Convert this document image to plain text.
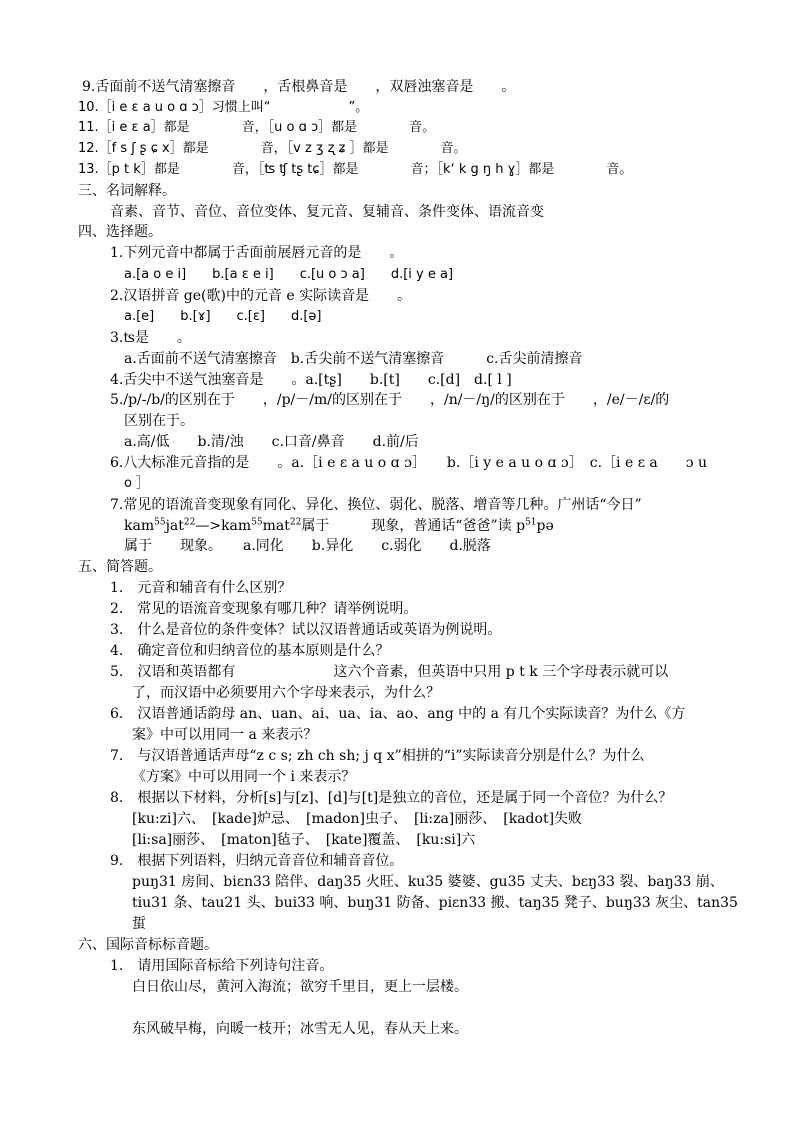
9.舌面前不送气清塞擦音　　，舌根鼻音是　　，双唇浊塞音是　　。
10.［i e ɛ a u o ɑ ɔ］习惯上叫“　　　　　　”。
11.［i e ɛ a］都是　　　　音，［u o ɑ ɔ］都是　　　　音。
12.［f s ʃ ʂ ɕ x］都是　　　　音，［v z ʒ ʐ ʑ ］都是　　　　音。
13.［p t k］都是　　　　音，［ʦ ʧ tʂ tɕ］都是　　　　音；［kʻ k g ŋ h ɣ］都是　　　　音。
三、名词解释。
音素、音节、音位、音位变体、复元音、复辅音、条件变体、语流音变
四、选择题。
1.下列元音中都属于舌面前展唇元音的是　　。
a.[a o e i]　　b.[a ɛ e i]　　c.[u o ɔ a]　　d.[i y e a]
2.汉语拼音 ge(歌)中的元音 e 实际读音是　　。
a.[e]　　b.[ɤ]　　c.[ɛ]　　d.[ə]
3.ʦ是　　。
a.舌面前不送气清塞擦音　b.舌尖前不送气清塞擦音　　　c.舌尖前清擦音
4.舌尖中不送气浊塞音是　　。a.[tʂ]　　b.[t]　　c.[d]　d.[ l ]
5./p/-/b/的区别在于　　，/p/－/m/的区别在于　　，/n/－/ŋ/的区别在于　　，/e/－/ɛ/的
区别在于。
a.高/低　　b.清/浊　　c.口音/鼻音　　d.前/后
6.八大标准元音指的是　　。a.［i e ɛ a u o ɑ ɔ］　　b.［i y e a u o ɑ ɔ］　c.［i e ɛ a　　ɔ u
o ］
7.常见的语流音变现象有同化、异化、换位、弱化、脱落、增音等几种。广州话“今日”
kam$^{55}$jat$^{22}$—>kam$^{55}$mat$^{22}$属于　　　现象，普通话“爸爸”读 $p^{51}pə$
属于　　现象。　　a.同化　　b.异化　　c.弱化　　d.脱落
五、简答题。
1.　元音和辅音有什么区别？
2.　常见的语流音变现象有哪几种？请举例说明。
3.　什么是音位的条件变体？试以汉语普通话或英语为例说明。
4.　确定音位和归纳音位的基本原则是什么？
5.　汉语和英语都有　　　　　　　这六个音素，但英语中只用 p t k 三个字母表示就可以
了，而汉语中必须要用六个字母来表示，为什么？
6.　汉语普通话韵母 an、uan、ai、ua、ia、ao、ang 中的 a 有几个实际读音？为什么《方
案》中可以用同一 a 来表示？
7.　与汉语普通话声母“z c s; zh ch sh; j q x”相拼的“i”实际读音分别是什么？为什么
《方案》中可以用同一个 i 来表示？
8.　根据以下材料，分析[s]与[z]、[d]与[t]是独立的音位，还是属于同一个音位？为什么？
[ku:zi]六、　[kade]炉忌、　[madon]虫子、　[li:za]丽莎、　[kadot]失败
[li:sa]丽莎、　[maton]毡子、　[kate]覆盖、　[ku:si]六
9.　根据下列语料，归纳元音音位和辅音音位。
puŋ31 房间、biɛn33 陪伴、daŋ35 火旺、ku35 婆婆、gu35 丈夫、bɛŋ33 裂、baŋ33 崩、
tiu31 条、tau21 头、bui33 响、buŋ31 防备、piɛn33 搬、taŋ35 凳子、buŋ33 灰尘、tan35
蜇
六、国际音标标音题。
1.　请用国际音标给下列诗句注音。
白日依山尽，黄河入海流；欲穷千里目，更上一层楼。
东风破早梅，向暖一枝开；冰雪无人见，春从天上来。
